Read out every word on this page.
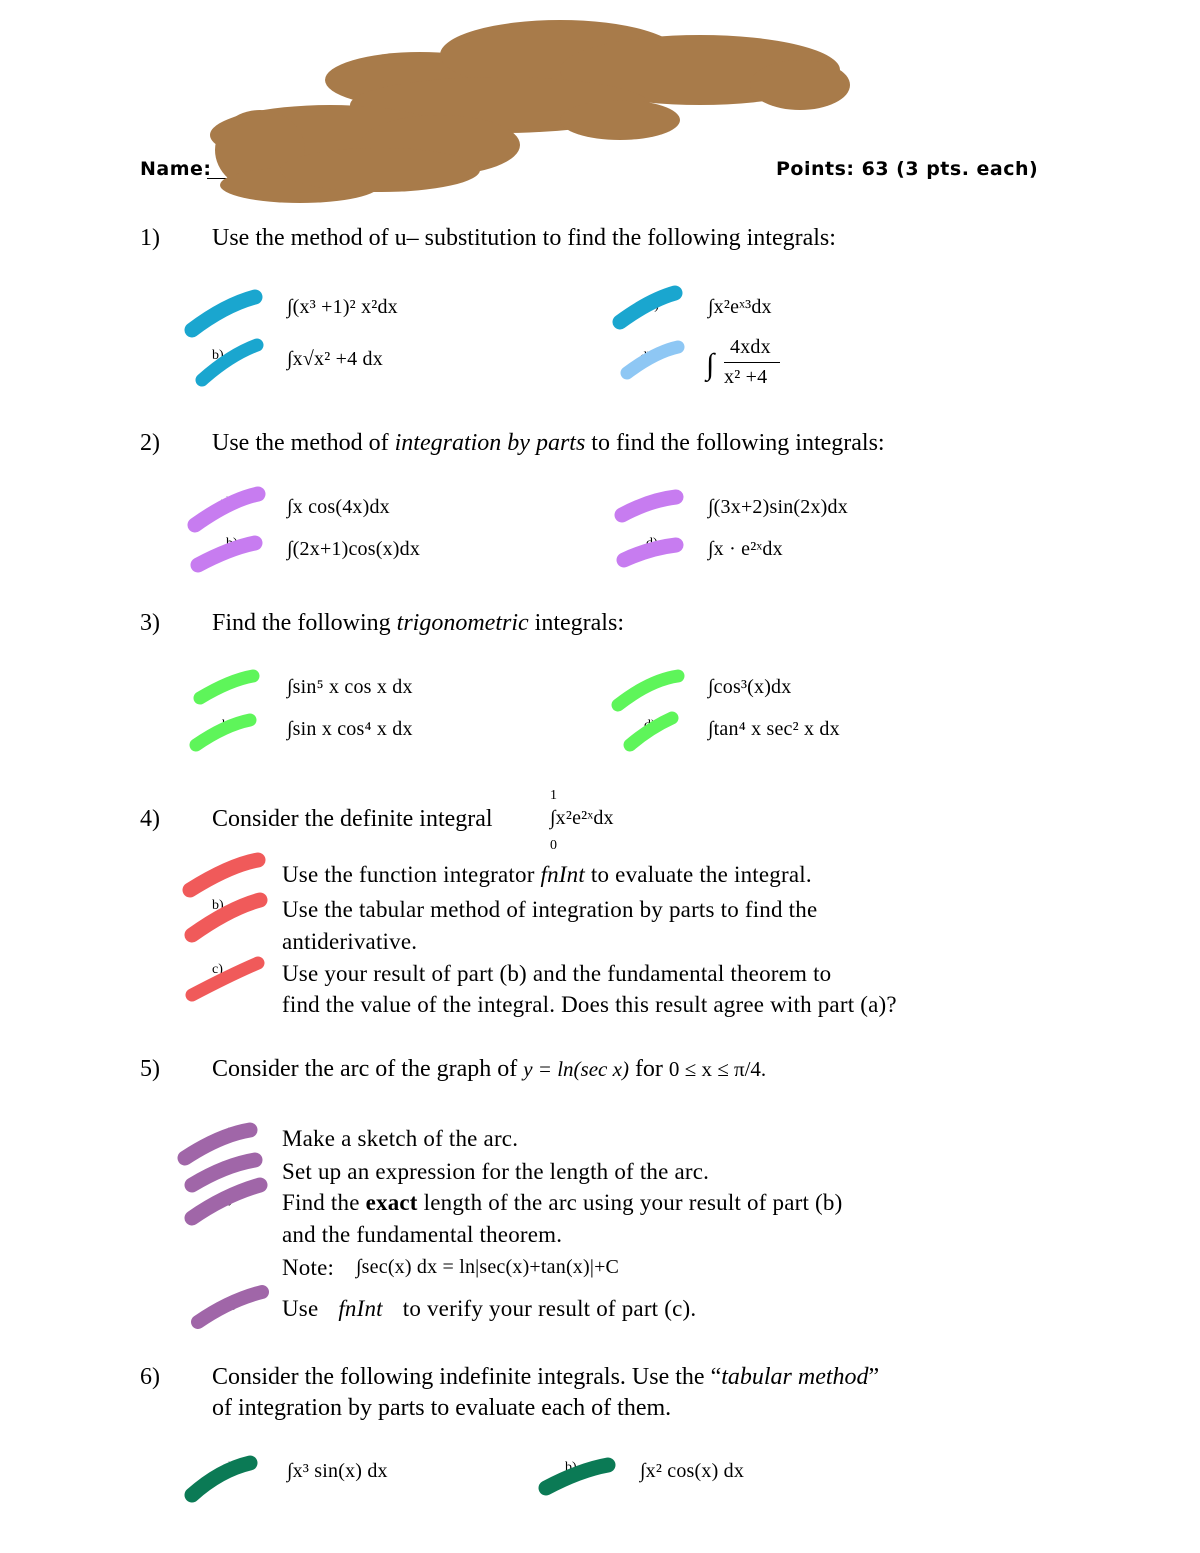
Name:	Points: 63 (3 pts. each)
1) Use the method of u– substitution to find the following integrals:
a)	∫(x³ +1)² x²dx
b)	∫x√x² +4 dx
c) ∫x²eˣ³dx
d) ∫
4xdx
x² +4
2) Use the method of integration by parts to find the following integrals:
a)	∫x cos(4x)dx
b) ∫(2x+1)cos(x)dx
c)	∫(3x+2)sin(2x)dx
d)	∫x · e²ˣdx
3) Find the following trigonometric integrals:
a)	∫sin⁵ x cos x dx
b)	∫sin x cos⁴ x dx
c)	∫cos³(x)dx
d)	∫tan⁴ x sec² x dx
4) Consider the definite integral
1
∫x²e²ˣdx
0
a) Use the function integrator fnInt to evaluate the integral.
b)	Use the tabular method of integration by parts to find the
antiderivative.
c)	Use your result of part (b) and the fundamental theorem to
find the value of the integral. Does this result agree with part (a)?
5) Consider the arc of the graph of y = ln(sec x) for 0 ≤ x ≤ π/4.
a) Make a sketch of the arc.
b) Set up an expression for the length of the arc.
c) Find the exact length of the arc using your result of part (b)
and the fundamental theorem.
Note: ∫sec(x) dx = ln|sec(x)+tan(x)|+C
d) Use fnInt to verify your result of part (c).
6) Consider the following indefinite integrals. Use the “tabular method”
of integration by parts to evaluate each of them.
a)	∫x³ sin(x) dx	b)	∫x² cos(x) dx
